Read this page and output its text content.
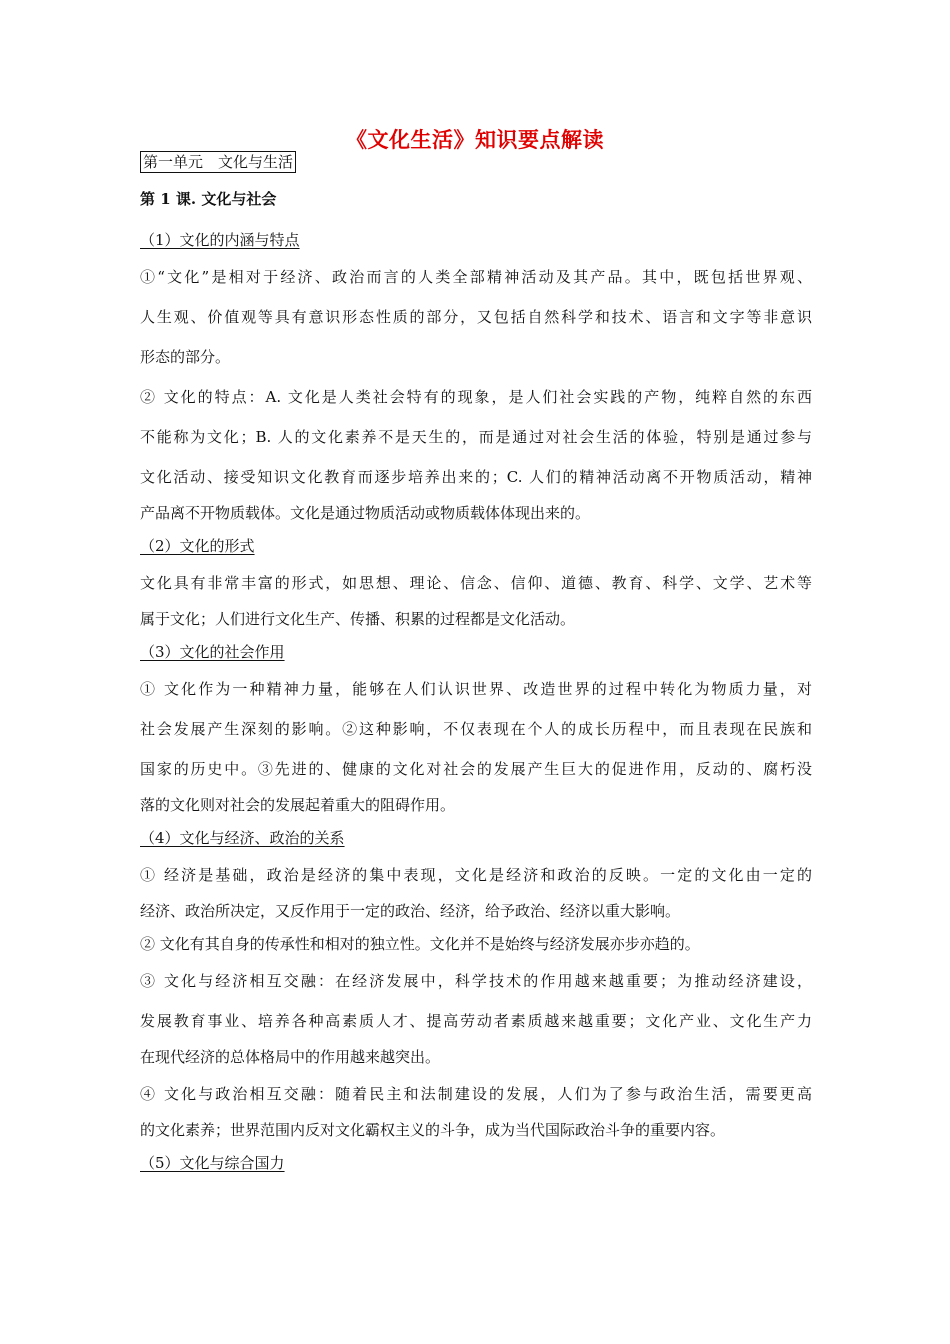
《文化生活》知识要点解读
第一单元　文化与生活
第 1 课. 文化与社会
（1）文化的内涵与特点
①“文化”是相对于经济、政治而言的人类全部精神活动及其产品。其中，既包括世界观、
人生观、价值观等具有意识形态性质的部分，又包括自然科学和技术、语言和文字等非意识
形态的部分。
② 文化的特点：A. 文化是人类社会特有的现象，是人们社会实践的产物，纯粹自然的东西
不能称为文化；B. 人的文化素养不是天生的，而是通过对社会生活的体验，特别是通过参与
文化活动、接受知识文化教育而逐步培养出来的；C. 人们的精神活动离不开物质活动，精神
产品离不开物质载体。文化是通过物质活动或物质载体体现出来的。
（2）文化的形式
文化具有非常丰富的形式，如思想、理论、信念、信仰、道德、教育、科学、文学、艺术等
属于文化；人们进行文化生产、传播、积累的过程都是文化活动。
（3）文化的社会作用
① 文化作为一种精神力量，能够在人们认识世界、改造世界的过程中转化为物质力量，对
社会发展产生深刻的影响。②这种影响，不仅表现在个人的成长历程中，而且表现在民族和
国家的历史中。③先进的、健康的文化对社会的发展产生巨大的促进作用，反动的、腐朽没
落的文化则对社会的发展起着重大的阻碍作用。
（4）文化与经济、政治的关系
① 经济是基础，政治是经济的集中表现，文化是经济和政治的反映。一定的文化由一定的
经济、政治所决定，又反作用于一定的政治、经济，给予政治、经济以重大影响。
② 文化有其自身的传承性和相对的独立性。文化并不是始终与经济发展亦步亦趋的。
③ 文化与经济相互交融：在经济发展中，科学技术的作用越来越重要；为推动经济建设，
发展教育事业、培养各种高素质人才、提高劳动者素质越来越重要；文化产业、文化生产力
在现代经济的总体格局中的作用越来越突出。
④ 文化与政治相互交融：随着民主和法制建设的发展，人们为了参与政治生活，需要更高
的文化素养；世界范围内反对文化霸权主义的斗争，成为当代国际政治斗争的重要内容。
（5）文化与综合国力
